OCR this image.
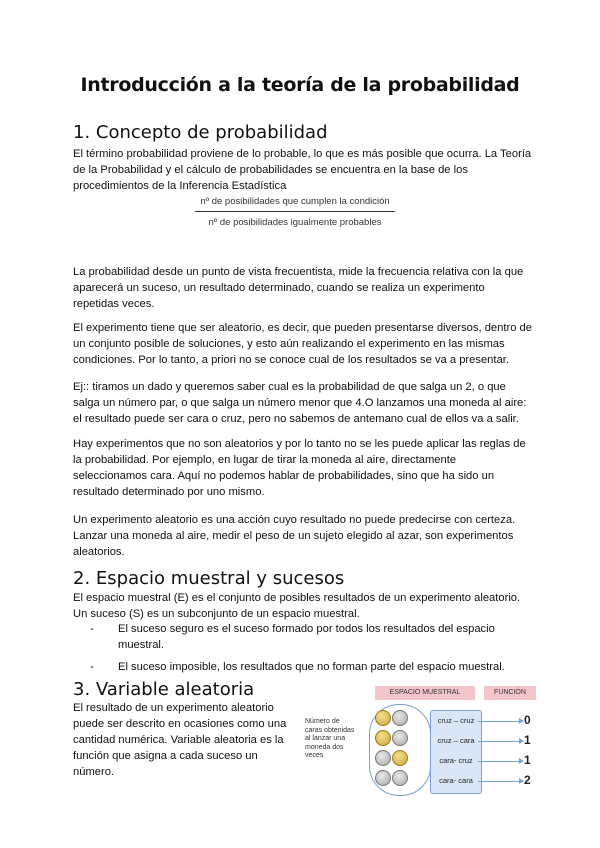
Introducción a la teoría de la probabilidad
1. Concepto de probabilidad

El término probabilidad proviene de lo probable, lo que es más posible que ocurra. La Teoría de la Probabilidad y el cálculo de probabilidades se encuentra en la base de los procedimientos de la Inferencia Estadística

nº de posibilidades que cumplen la condición
nº de posibilidades igualmente probables

La probabilidad desde un punto de vista frecuentista, mide la frecuencia relativa con la que aparecerá un suceso, un resultado determinado, cuando se realiza un experimento repetidas veces.

El experimento tiene que ser aleatorio, es decir, que pueden presentarse diversos, dentro de un conjunto posible de soluciones, y esto aún realizando el experimento en las mismas condiciones. Por lo tanto, a priori no se conoce cual de los resultados se va a presentar.

Ej:: tiramos un dado y queremos saber cual es la probabilidad de que salga un 2, o que salga un número par, o que salga un número menor que 4.O lanzamos una moneda al aire: el resultado puede ser cara o cruz, pero no sabemos de antemano cual de ellos va a salir.

Hay experimentos que no son aleatorios y por lo tanto no se les puede aplicar las reglas de la probabilidad. Por ejemplo, en lugar de tirar la moneda al aire, directamente seleccionamos cara. Aquí no podemos hablar de probabilidades, sino que ha sido un resultado determinado por uno mismo.

Un experimento aleatorio es una acción cuyo resultado no puede predecirse con certeza. Lanzar una moneda al aire, medir el peso de un sujeto elegido al azar, son experimentos aleatorios.

2. Espacio muestral y sucesos

El espacio muestral (E) es el conjunto de posibles resultados de un experimento aleatorio. Un suceso (S) es un subconjunto de un espacio muestral.

- El suceso seguro es el suceso formado por todos los resultados del espacio muestral.
- El suceso imposible, los resultados que no forman parte del espacio muestral.
3. Variable aleatoria

El resultado de un experimento aleatorio puede ser descrito en ocasiones como una cantidad numérica. Variable aleatoria es la función que asigna a cada suceso un número.

ESPACIO MUESTRAL	FUNCIÓN
Número de caras obtenidas al lanzar una moneda dos veces
cruz – cruz
cruz – cara
cara- cruz
cara- cara
0
1
1
2
